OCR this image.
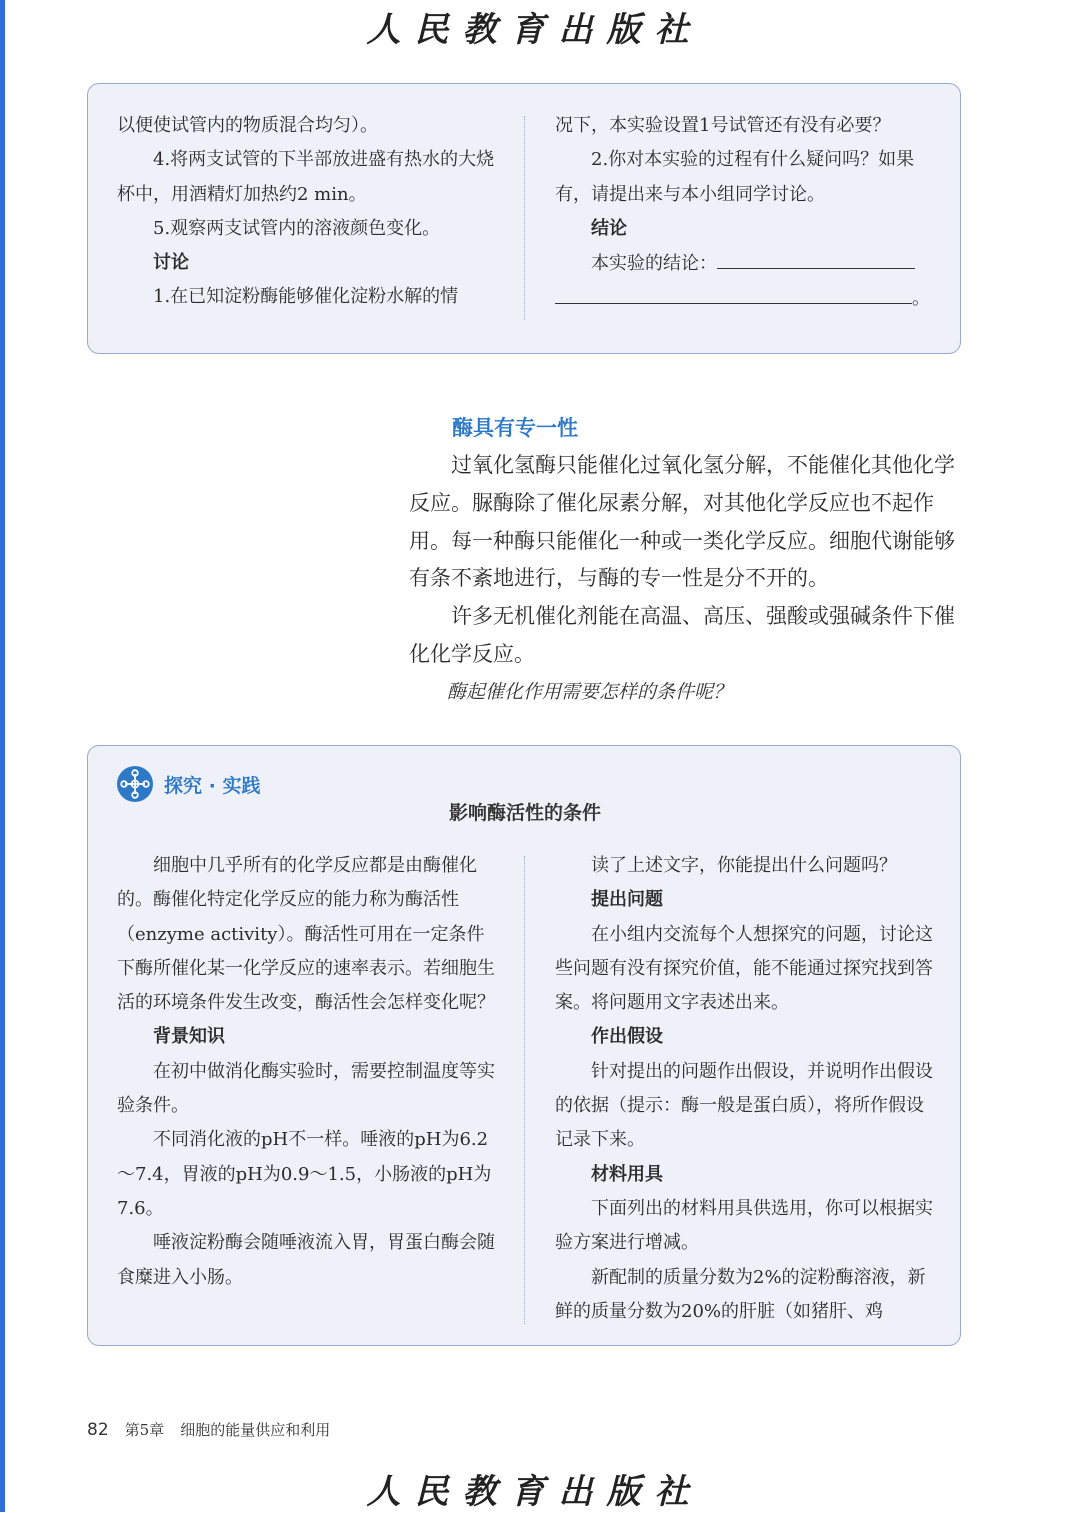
人民教育出版社

以便使试管内的物质混合均匀）。

4.将两支试管的下半部放进盛有热水的大烧杯中，用酒精灯加热约2 min。

5.观察两支试管内的溶液颜色变化。

讨论

1.在已知淀粉酶能够催化淀粉水解的情

况下，本实验设置1号试管还有没有必要？

2.你对本实验的过程有什么疑问吗？如果有，请提出来与本小组同学讨论。

结论

本实验的结论：

。

酶具有专一性

过氧化氢酶只能催化过氧化氢分解，不能催化其他化学反应。脲酶除了催化尿素分解，对其他化学反应也不起作用。每一种酶只能催化一种或一类化学反应。细胞代谢能够有条不紊地进行，与酶的专一性是分不开的。

许多无机催化剂能在高温、高压、强酸或强碱条件下催化化学反应。

酶起催化作用需要怎样的条件呢？

探究 · 实践
影响酶活性的条件

细胞中几乎所有的化学反应都是由酶催化的。酶催化特定化学反应的能力称为酶活性（enzyme activity）。酶活性可用在一定条件下酶所催化某一化学反应的速率表示。若细胞生活的环境条件发生改变，酶活性会怎样变化呢？

背景知识

在初中做消化酶实验时，需要控制温度等实验条件。

不同消化液的pH不一样。唾液的pH为6.2～7.4，胃液的pH为0.9～1.5，小肠液的pH为7.6。

唾液淀粉酶会随唾液流入胃，胃蛋白酶会随食糜进入小肠。

读了上述文字，你能提出什么问题吗？

提出问题

在小组内交流每个人想探究的问题，讨论这些问题有没有探究价值，能不能通过探究找到答案。将问题用文字表述出来。

作出假设

针对提出的问题作出假设，并说明作出假设的依据（提示：酶一般是蛋白质），将所作假设记录下来。

材料用具

下面列出的材料用具供选用，你可以根据实验方案进行增减。

新配制的质量分数为2%的淀粉酶溶液，新鲜的质量分数为20%的肝脏（如猪肝、鸡

82 第5章 细胞的能量供应和利用
人民教育出版社
